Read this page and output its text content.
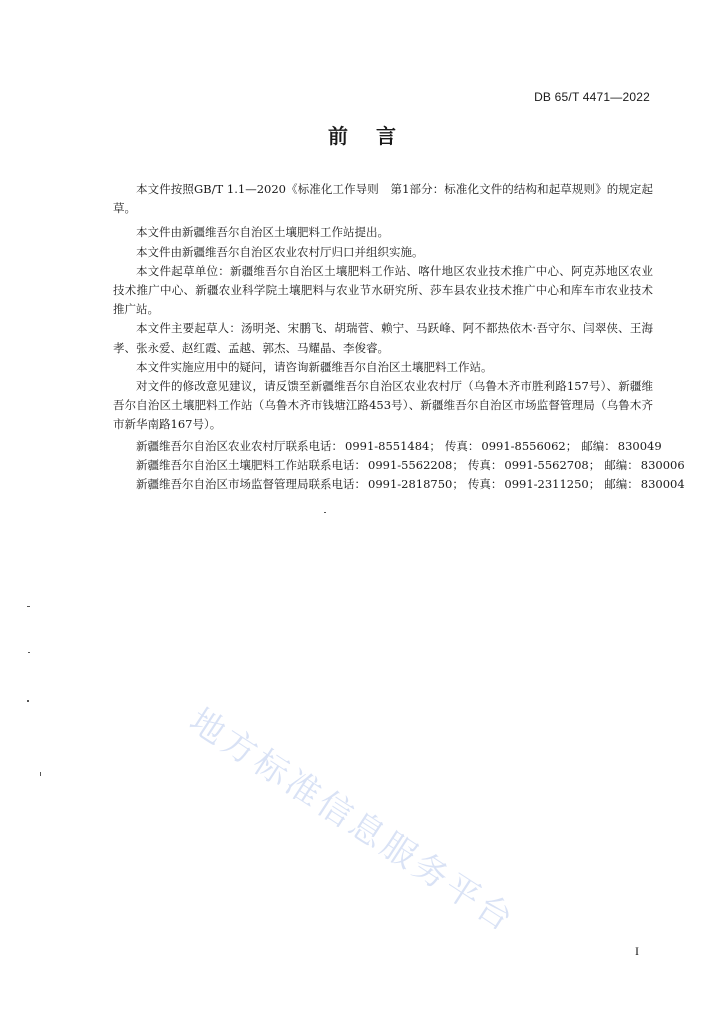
DB 65/T 4471—2022
前言

本文件按照GB/T 1.1—2020《标准化工作导则　第1部分：标准化文件的结构和起草规则》的规定起草。

本文件由新疆维吾尔自治区土壤肥料工作站提出。

本文件由新疆维吾尔自治区农业农村厅归口并组织实施。

本文件起草单位：新疆维吾尔自治区土壤肥料工作站、喀什地区农业技术推广中心、阿克苏地区农业技术推广中心、新疆农业科学院土壤肥料与农业节水研究所、莎车县农业技术推广中心和库车市农业技术推广站。

本文件主要起草人：汤明尧、宋鹏飞、胡瑞菅、赖宁、马跃峰、阿不都热依木·吾守尔、闫翠侠、王海孝、张永爱、赵红霞、孟越、郭杰、马耀晶、李俊睿。

本文件实施应用中的疑问，请咨询新疆维吾尔自治区土壤肥料工作站。

对文件的修改意见建议，请反馈至新疆维吾尔自治区农业农村厅（乌鲁木齐市胜利路157号）、新疆维吾尔自治区土壤肥料工作站（乌鲁木齐市钱塘江路453号）、新疆维吾尔自治区市场监督管理局（乌鲁木齐市新华南路167号）。

新疆维吾尔自治区农业农村厅 联系电话： 0991-8551484 ； 传真： 0991-8556062 ； 邮编： 830049
新疆维吾尔自治区土壤肥料工作站 联系电话： 0991-5562208 ； 传真： 0991-5562708 ； 邮编： 830006
新疆维吾尔自治区市场监督管理局 联系电话： 0991-2818750 ； 传真： 0991-2311250 ； 邮编： 830004
地方标准信息服务平台
I
